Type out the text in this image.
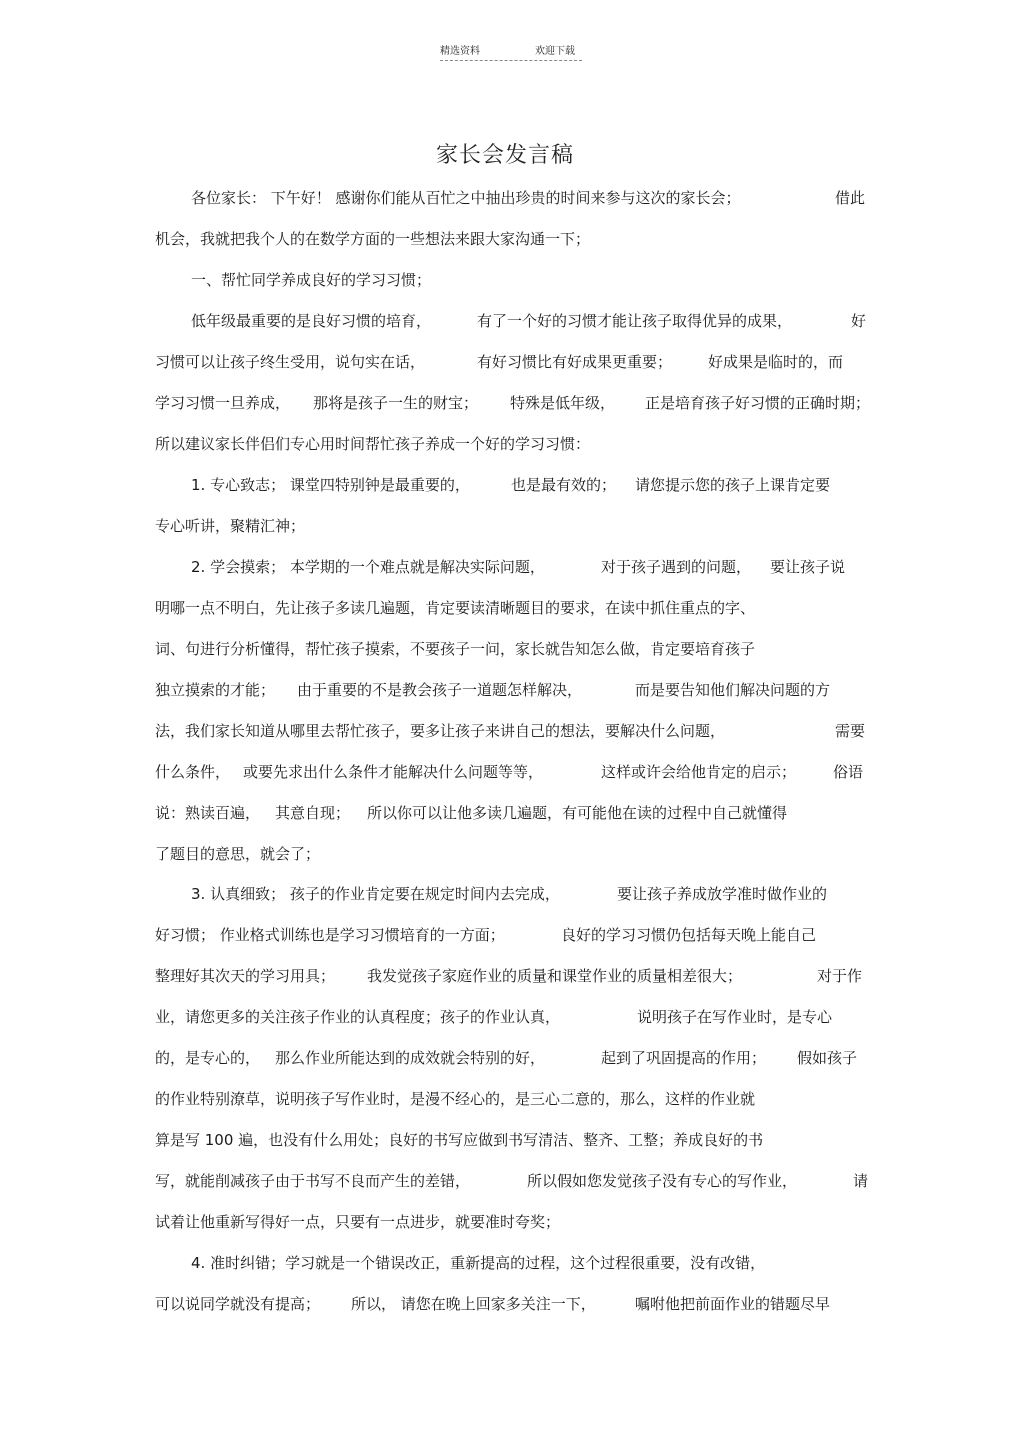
精选资料	欢迎下载
家长会发言稿
各位家长： 下午好！ 感谢你们能从百忙之中抽出珍贵的时间来参与这次的家长会；	借此
机会，我就把我个人的在数学方面的一些想法来跟大家沟通一下；
一、帮忙同学养成良好的学习习惯；
低年级最重要的是良好习惯的培育，	有了一个好的习惯才能让孩子取得优异的成果，	好
习惯可以让孩子终生受用，说句实在话，	有好习惯比有好成果更重要； 好成果是临时的，而
学习习惯一旦养成， 那将是孩子一生的财宝； 特殊是低年级， 正是培育孩子好习惯的正确时期；
所以建议家长伴侣们专心用时间帮忙孩子养成一个好的学习习惯：
1. 专心致志； 课堂四特别钟是最重要的，	也是最有效的； 请您提示您的孩子上课肯定要
专心听讲，聚精汇神；
2. 学会摸索； 本学期的一个难点就是解决实际问题，	对于孩子遇到的问题， 要让孩子说
明哪一点不明白，先让孩子多读几遍题，肯定要读清晰题目的要求，在读中抓住重点的字、
词、句进行分析懂得，帮忙孩子摸索，不要孩子一问，家长就告知怎么做，肯定要培育孩子
独立摸索的才能； 由于重要的不是教会孩子一道题怎样解决，	而是要告知他们解决问题的方
法，我们家长知道从哪里去帮忙孩子，要多让孩子来讲自己的想法，要解决什么问题，	需要
什么条件， 或要先求出什么条件才能解决什么问题等等，	这样或许会给他肯定的启示； 俗语
说：熟读百遍， 其意自现； 所以你可以让他多读几遍题，有可能他在读的过程中自己就懂得
了题目的意思，就会了；
3. 认真细致； 孩子的作业肯定要在规定时间内去完成，	要让孩子养成放学准时做作业的
好习惯； 作业格式训练也是学习习惯培育的一方面；	良好的学习习惯仍包括每天晚上能自己
整理好其次天的学习用具； 我发觉孩子家庭作业的质量和课堂作业的质量相差很大；	对于作
业，请您更多的关注孩子作业的认真程度；孩子的作业认真，	说明孩子在写作业时，是专心
的，是专心的， 那么作业所能达到的成效就会特别的好，	起到了巩固提高的作用； 假如孩子
的作业特别潦草，说明孩子写作业时，是漫不经心的，是三心二意的，那么，这样的作业就
算是写 100 遍，也没有什么用处；良好的书写应做到书写清洁、整齐、工整；养成良好的书
写，就能削减孩子由于书写不良而产生的差错，	所以假如您发觉孩子没有专心的写作业，	请
试着让他重新写得好一点，只要有一点进步，就要准时夸奖；
4. 准时纠错；学习就是一个错误改正，重新提高的过程，这个过程很重要，没有改错，
可以说同学就没有提高； 所以， 请您在晚上回家多关注一下，	嘱咐他把前面作业的错题尽早
